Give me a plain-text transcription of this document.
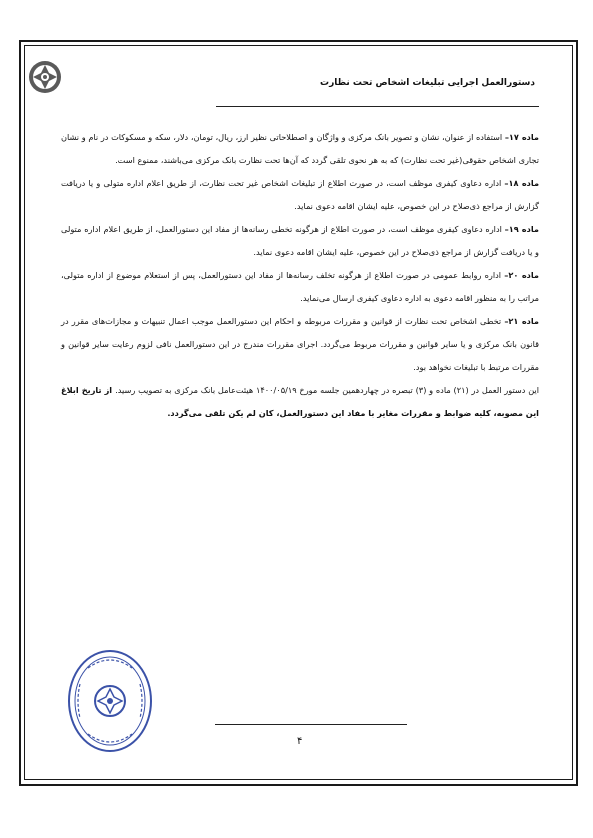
دستورالعمل اجرایی تبلیغات اشخاص تحت نظارت

ماده ۱۷– استفاده از عنوان، نشان و تصویر بانک مرکزی و واژگان و اصطلاحاتی نظیر ارز، ریال، تومان، دلار، سکه و مسکوکات در نام و نشان تجاری اشخاص حقوقی(غیر تحت نظارت) که به هر نحوی تلقی گردد که آن‌ها تحت نظارت بانک مرکزی می‌باشند، ممنوع است.

ماده ۱۸– اداره دعاوی کیفری موظف است، در صورت اطلاع از تبلیغات اشخاص غیر تحت نظارت، از طریق اعلام اداره متولی و یا دریافت گزارش از مراجع ذی‌صلاح در این خصوص، علیه ایشان اقامه دعوی نماید.

ماده ۱۹– اداره دعاوی کیفری موظف است، در صورت اطلاع از هرگونه تخطی رسانه‌ها از مفاد این دستورالعمل، از طریق اعلام اداره متولی و یا دریافت گزارش از مراجع ذی‌صلاح در این خصوص، علیه ایشان اقامه دعوی نماید.

ماده ۲۰– اداره روابط عمومی در صورت اطلاع از هرگونه تخلف رسانه‌ها از مفاد این دستورالعمل، پس از استعلام موضوع از اداره متولی، مراتب را به منظور اقامه دعوی به اداره دعاوی کیفری ارسال می‌نماید.

ماده ۲۱– تخطی اشخاص تحت نظارت از قوانین و مقررات مربوطه و احکام این دستورالعمل موجب اعمال تنبیهات و مجازات‌های مقرر در قانون بانک مرکزی و یا سایر قوانین و مقررات مربوط می‌گردد. اجرای مقررات مندرج در این دستورالعمل نافی لزوم رعایت سایر قوانین و مقررات مرتبط با تبلیغات نخواهد بود.

این دستور العمل در (۲۱) ماده و (۳) تبصره در چهاردهمین جلسه مورخ ۱۴۰۰/۰۵/۱۹ هیئت‌عامل بانک مرکزی به تصویب رسید. از تاریخ ابلاغ این مصوبه، کلیه ضوابط و مقررات مغایر با مفاد این دستورالعمل، کان لم یکن تلقی می‌گردد.

۴
